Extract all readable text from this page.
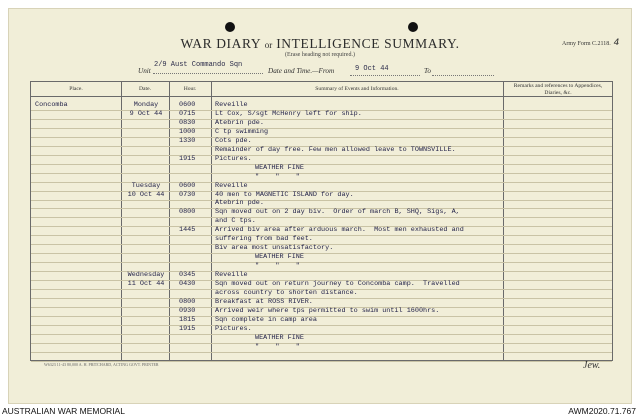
WAR DIARY or INTELLIGENCE SUMMARY.
(Erase heading not required.)
Army Form C.2118. 4
Unit
2/9 Aust Commando Sqn
Date and Time.—From	9 Oct 44	To
Place.	Date.	Hour.	Summary of Events and Information.	Remarks and references to Appendices, Diaries, &c.
Concomba	Monday	0600	Reveille
9 Oct 44	0715	Lt Cox, S/sgt McHenry left for ship.
0830	Atebrin pde.
1000	C tp swimming
1330	Cots pde.
Remainder of day free. Few men allowed leave to TOWNSVILLE.
1915	Pictures.
WEATHER FINE
"    "    "
Tuesday	0600	Reveille
10 Oct 44	0730	40 men to MAGNETIC ISLAND for day.
Atebrin pde.
0800	Sqn moved out on 2 day biv.  Order of march B, SHQ, Sigs, A,
and C tps.
1445	Arrived biv area after arduous march.  Most men exhausted and
suffering from bad feet.
Biv area most unsatisfactory.
WEATHER FINE
"    "    "
Wednesday	0345	Reveille
11 Oct 44	0430	Sqn moved out on return journey to Concomba camp.  Travelled
across country to shorten distance.
0800	Breakfast at ROSS RIVER.
0930	Arrived weir where tps permitted to swim until 1600hrs.
1815	Sqn complete in camp area
1915	Pictures.
WEATHER FINE
"    "    "
W6323 11-43 80,000 A. H. PRITCHARD, ACTING GOVT. PRINTER	Jew.
AUSTRALIAN WAR MEMORIAL	AWM2020.71.767
